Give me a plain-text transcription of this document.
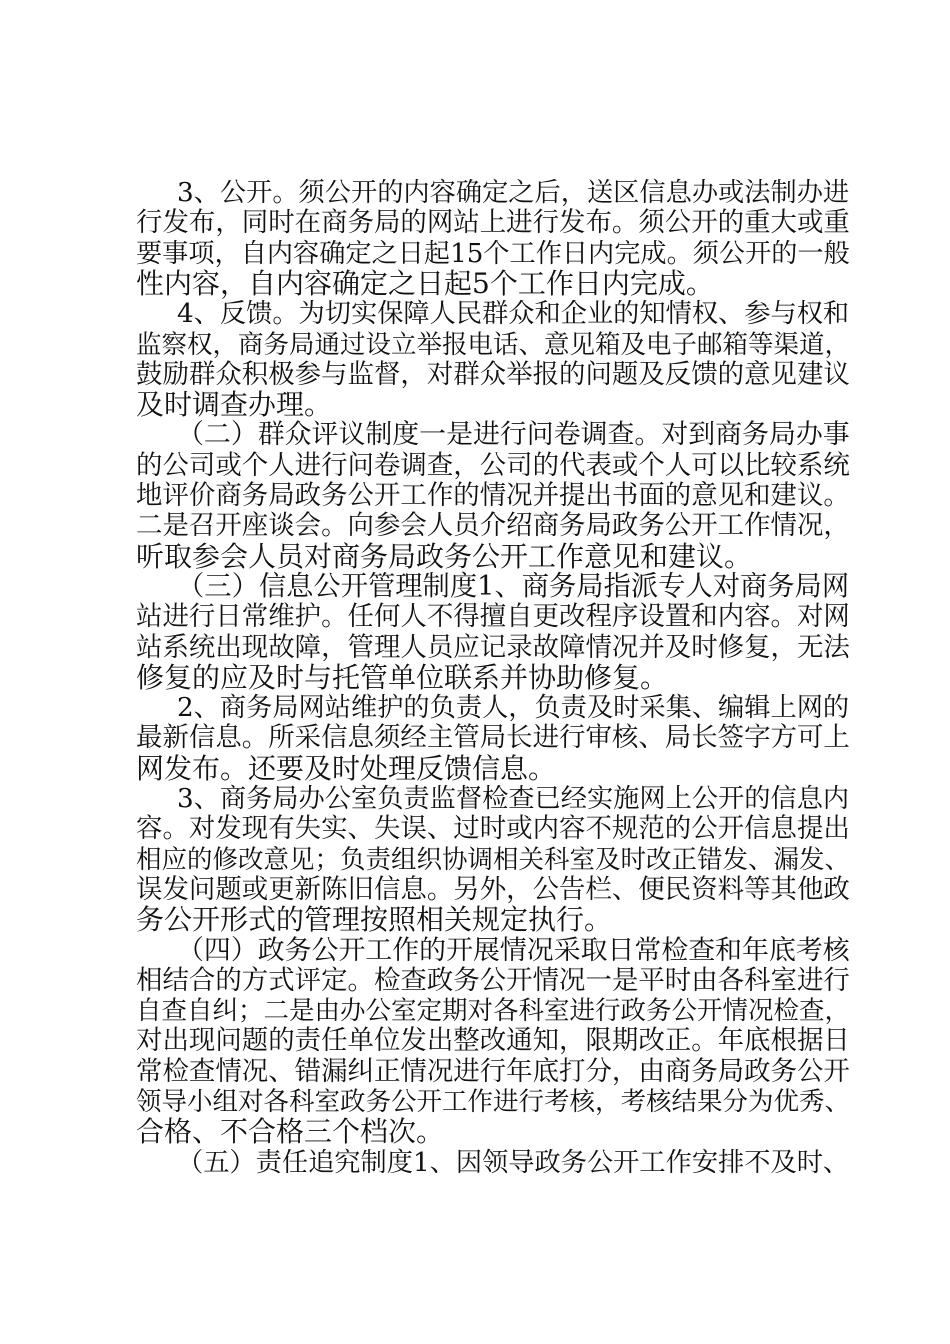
3、公开。须公开的内容确定之后，送区信息办或法制办进
行发布，同时在商务局的网站上进行发布。须公开的重大或重
要事项，自内容确定之日起15个工作日内完成。须公开的一般
性内容，自内容确定之日起5个工作日内完成。
4、反馈。为切实保障人民群众和企业的知情权、参与权和
监察权，商务局通过设立举报电话、意见箱及电子邮箱等渠道，
鼓励群众积极参与监督，对群众举报的问题及反馈的意见建议
及时调查办理。
（二）群众评议制度一是进行问卷调查。对到商务局办事
的公司或个人进行问卷调查，公司的代表或个人可以比较系统
地评价商务局政务公开工作的情况并提出书面的意见和建议。
二是召开座谈会。向参会人员介绍商务局政务公开工作情况，
听取参会人员对商务局政务公开工作意见和建议。
（三）信息公开管理制度1、商务局指派专人对商务局网
站进行日常维护。任何人不得擅自更改程序设置和内容。对网
站系统出现故障，管理人员应记录故障情况并及时修复，无法
修复的应及时与托管单位联系并协助修复。
2、商务局网站维护的负责人，负责及时采集、编辑上网的
最新信息。所采信息须经主管局长进行审核、局长签字方可上
网发布。还要及时处理反馈信息。
3、商务局办公室负责监督检查已经实施网上公开的信息内
容。对发现有失实、失误、过时或内容不规范的公开信息提出
相应的修改意见；负责组织协调相关科室及时改正错发、漏发、
误发问题或更新陈旧信息。另外，公告栏、便民资料等其他政
务公开形式的管理按照相关规定执行。
（四）政务公开工作的开展情况采取日常检查和年底考核
相结合的方式评定。检查政务公开情况一是平时由各科室进行
自查自纠；二是由办公室定期对各科室进行政务公开情况检查，
对出现问题的责任单位发出整改通知，限期改正。年底根据日
常检查情况、错漏纠正情况进行年底打分，由商务局政务公开
领导小组对各科室政务公开工作进行考核，考核结果分为优秀、
合格、不合格三个档次。
（五）责任追究制度1、因领导政务公开工作安排不及时、
